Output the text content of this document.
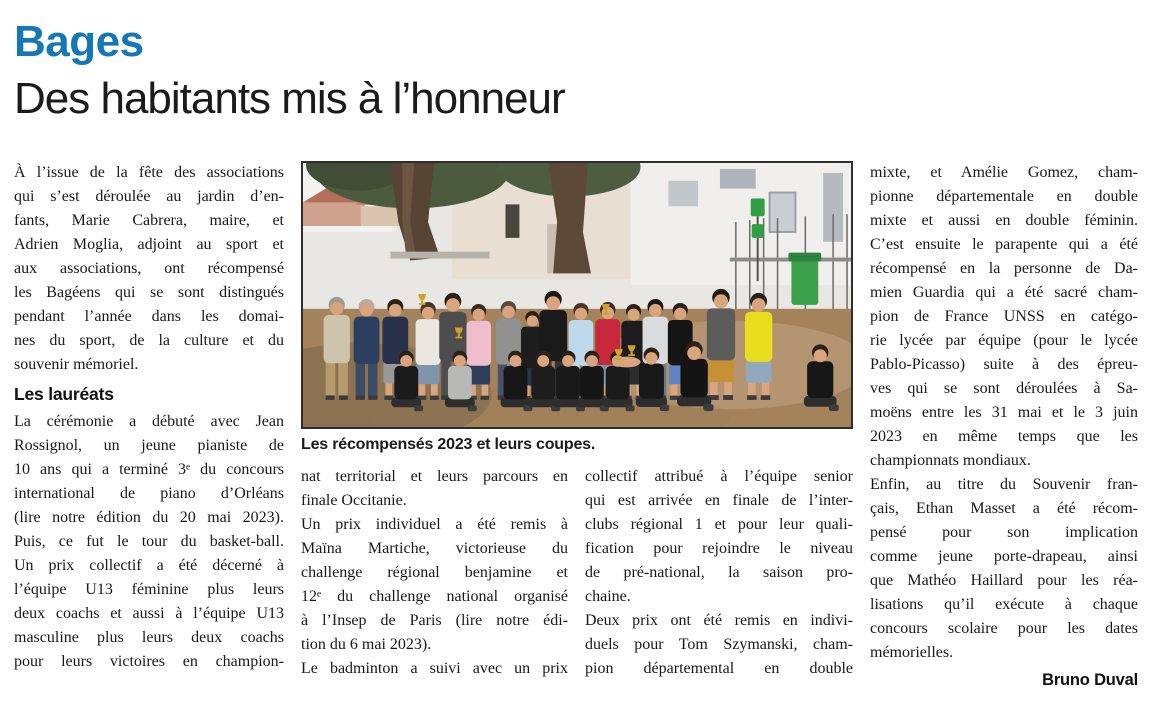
Bages
Des habitants mis à l’honneur
À l’issue de la fête des associations
qui s’est déroulée au jardin d’en-
fants, Marie Cabrera, maire, et
Adrien Moglia, adjoint au sport et
aux associations, ont récompensé
les Bagéens qui se sont distingués
pendant l’année dans les domai-
nes du sport, de la culture et du
souvenir mémoriel.
Les lauréats
La cérémonie a débuté avec Jean
Rossignol, un jeune pianiste de
10 ans qui a terminé 3ᵉ du concours
international de piano d’Orléans
(lire notre édition du 20 mai 2023).
Puis, ce fut le tour du basket-ball.
Un prix collectif a été décerné à
l’équipe U13 féminine plus leurs
deux coachs et aussi à l’équipe U13
masculine plus leurs deux coachs
pour leurs victoires en champion-
Les récompensés 2023 et leurs coupes.
nat territorial et leurs parcours en
finale Occitanie.
Un prix individuel a été remis à
Maïna Martiche, victorieuse du
challenge régional benjamine et
12ᵉ du challenge national organisé
à l’Insep de Paris (lire notre édi-
tion du 6 mai 2023).
Le badminton a suivi avec un prix
collectif attribué à l’équipe senior
qui est arrivée en finale de l’inter-
clubs régional 1 et pour leur quali-
fication pour rejoindre le niveau
de pré-national, la saison pro-
chaine.
Deux prix ont été remis en indivi-
duels pour Tom Szymanski, cham-
pion départemental en double
mixte, et Amélie Gomez, cham-
pionne départementale en double
mixte et aussi en double féminin.
C’est ensuite le parapente qui a été
récompensé en la personne de Da-
mien Guardia qui a été sacré cham-
pion de France UNSS en catégo-
rie lycée par équipe (pour le lycée
Pablo-Picasso) suite à des épreu-
ves qui se sont déroulées à Sa-
moëns entre les 31 mai et le 3 juin
2023 en même temps que les
championnats mondiaux.
Enfin, au titre du Souvenir fran-
çais, Ethan Masset a été récom-
pensé pour son implication
comme jeune porte-drapeau, ainsi
que Mathéo Haillard pour les réa-
lisations qu’il exécute à chaque
concours scolaire pour les dates
mémorielles.
Bruno Duval
